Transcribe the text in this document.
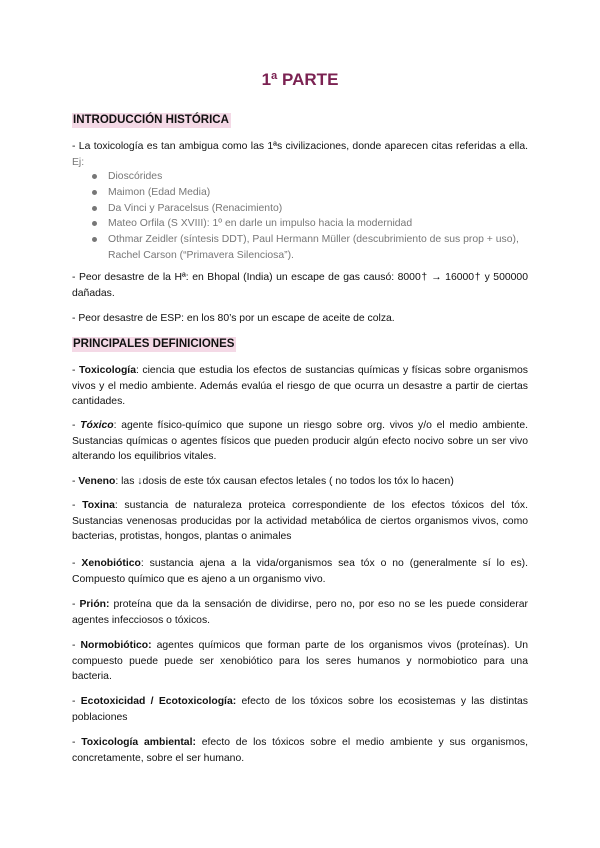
1ª PARTE
INTRODUCCIÓN HISTÓRICA
- La toxicología es tan ambigua como las 1ªs civilizaciones, donde aparecen citas referidas a ella. Ej:
Dioscórides
Maimon (Edad Media)
Da Vinci y Paracelsus (Renacimiento)
Mateo Orfila (S XVIII): 1º en darle un impulso hacia la modernidad
Othmar Zeidler (síntesis DDT), Paul Hermann Müller (descubrimiento de sus prop + uso), Rachel Carson (“Primavera Silenciosa”).
- Peor desastre de la Hª: en Bhopal (India) un escape de gas causó: 8000† → 16000† y 500000 dañadas.
- Peor desastre de ESP: en los 80’s por un escape de aceite de colza.
PRINCIPALES DEFINICIONES
- Toxicología: ciencia que estudia los efectos de sustancias químicas y físicas sobre organismos vivos y el medio ambiente. Además evalúa el riesgo de que ocurra un desastre a partir de ciertas cantidades.
- Tóxico: agente físico-químico que supone un riesgo sobre org. vivos y/o el medio ambiente. Sustancias químicas o agentes físicos que pueden producir algún efecto nocivo sobre un ser vivo alterando los equilibrios vitales.
- Veneno: las ↓dosis de este tóx causan efectos letales ( no todos los tóx lo hacen)
- Toxina: sustancia de naturaleza proteica correspondiente de los efectos tóxicos del tóx. Sustancias venenosas producidas por la actividad metabólica de ciertos organismos vivos, como bacterias, protistas, hongos, plantas o animales
- Xenobiótico: sustancia ajena a la vida/organismos sea tóx o no (generalmente sí lo es). Compuesto químico que es ajeno a un organismo vivo.
- Prión: proteína que da la sensación de dividirse, pero no, por eso no se les puede considerar agentes infecciosos o tóxicos.
- Normobiótico: agentes químicos que forman parte de los organismos vivos (proteínas). Un compuesto puede puede ser xenobiótico para los seres humanos y normobiotico para una bacteria.
- Ecotoxicidad / Ecotoxicología: efecto de los tóxicos sobre los ecosistemas y las distintas poblaciones
- Toxicología ambiental: efecto de los tóxicos sobre el medio ambiente y sus organismos, concretamente, sobre el ser humano.
